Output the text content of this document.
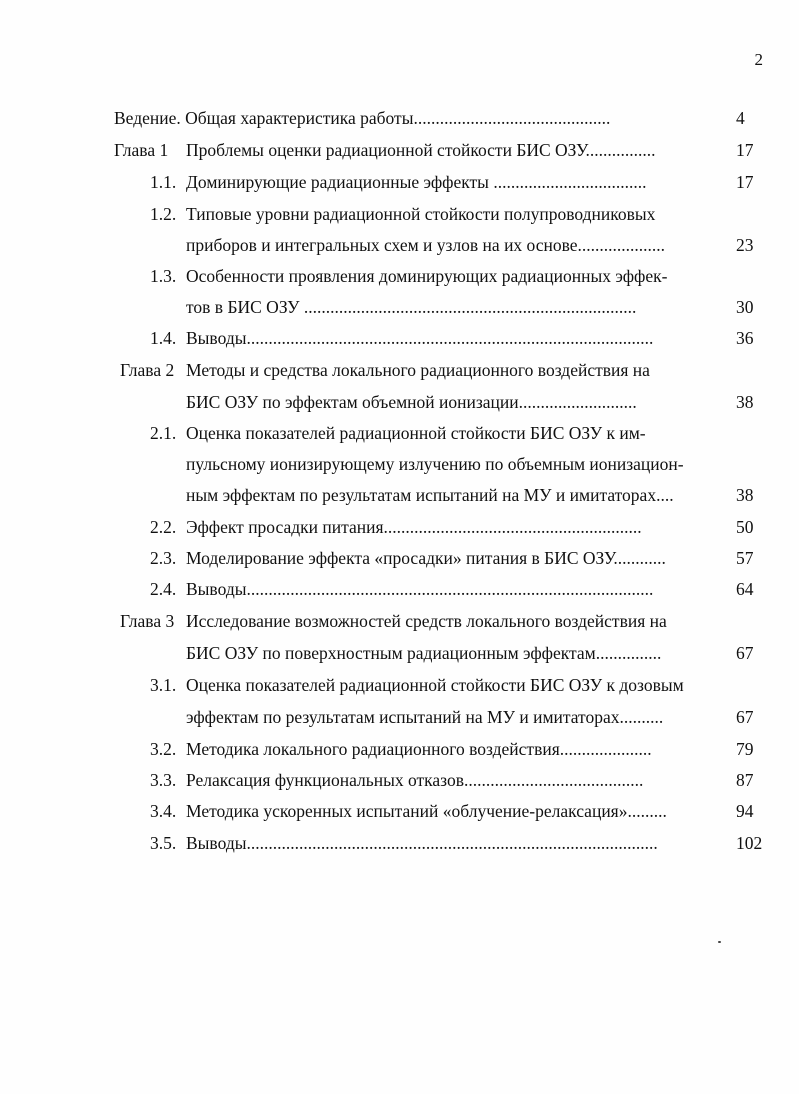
2
Ведение. Общая характеристика работы.............................................	4
Глава 1 Проблемы оценки радиационной стойкости БИС ОЗУ................	17
1.1. Доминирующие радиационные эффекты ...................................	17
1.2. Типовые уровни радиационной стойкости полупроводниковых
приборов и интегральных схем и узлов на их основе....................	23
1.3. Особенности проявления доминирующих радиационных эффек-
тов в БИС ОЗУ ............................................................................	30
1.4. Выводы.............................................................................................	36
Глава 2 Методы и средства локального радиационного воздействия на
БИС ОЗУ по эффектам объемной ионизации...........................	38
2.1. Оценка показателей радиационной стойкости БИС ОЗУ к им-
пульсному ионизирующему излучению по объемным ионизацион-
ным эффектам по результатам испытаний на МУ и имитаторах....	38
2.2. Эффект просадки питания...........................................................	50
2.3. Моделирование эффекта «просадки» питания в БИС ОЗУ............	57
2.4. Выводы.............................................................................................	64
Глава 3 Исследование возможностей средств локального воздействия на
БИС ОЗУ по поверхностным радиационным эффектам...............	67
3.1. Оценка показателей радиационной стойкости БИС ОЗУ к дозовым
эффектам по результатам испытаний на МУ и имитаторах..........	67
3.2. Методика локального радиационного воздействия.....................	79
3.3. Релаксация функциональных отказов.........................................	87
3.4. Методика ускоренных испытаний «облучение-релаксация».........	94
3.5. Выводы..............................................................................................	102
